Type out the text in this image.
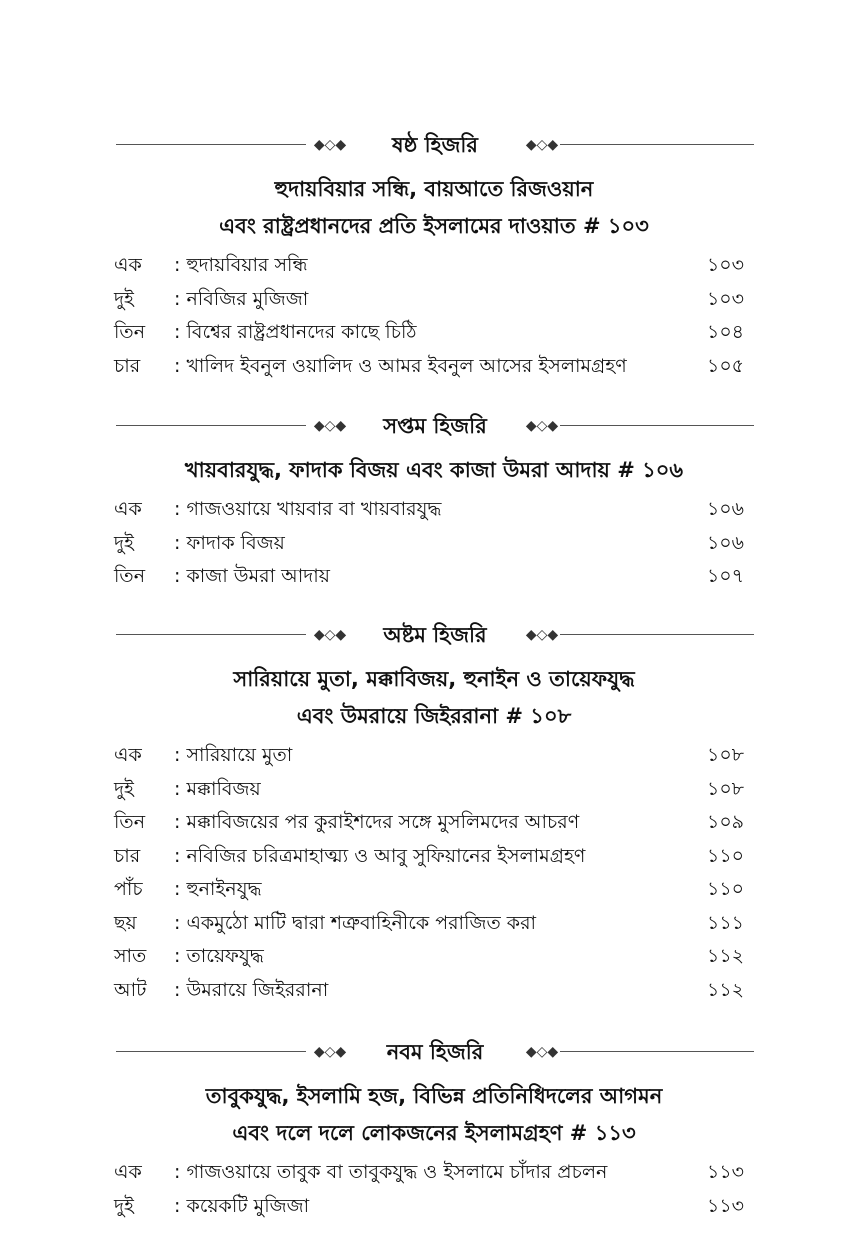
◆◇◆	ষষ্ঠ হিজরি	◆◇◆
হুদায়বিয়ার সন্ধি, বায়আতে রিজওয়ান
এবং রাষ্ট্রপ্রধানদের প্রতি ইসলামের দাওয়াত # ১০৩
এক : হুদায়বিয়ার সন্ধি	১০৩
দুই : নবিজির মুজিজা	১০৩
তিন : বিশ্বের রাষ্ট্রপ্রধানদের কাছে চিঠি	১০৪
চার : খালিদ ইবনুল ওয়ালিদ ও আমর ইবনুল আসের ইসলামগ্রহণ	১০৫
◆◇◆	সপ্তম হিজরি	◆◇◆
খায়বারযুদ্ধ, ফাদাক বিজয় এবং কাজা উমরা আদায় # ১০৬
এক : গাজওয়ায়ে খায়বার বা খায়বারযুদ্ধ	১০৬
দুই : ফাদাক বিজয়	১০৬
তিন : কাজা উমরা আদায়	১০৭
◆◇◆	অষ্টম হিজরি	◆◇◆
সারিয়ায়ে মুতা, মক্কাবিজয়, হুনাইন ও তায়েফযুদ্ধ
এবং উমরায়ে জিইররানা # ১০৮
এক : সারিয়ায়ে মুতা	১০৮
দুই : মক্কাবিজয়	১০৮
তিন : মক্কাবিজয়ের পর কুরাইশদের সঙ্গে মুসলিমদের আচরণ	১০৯
চার : নবিজির চরিত্রমাহাত্ম্য ও আবু সুফিয়ানের ইসলামগ্রহণ	১১০
পাঁচ : হুনাইনযুদ্ধ	১১০
ছয় : একমুঠো মাটি দ্বারা শত্রুবাহিনীকে পরাজিত করা	১১১
সাত : তায়েফযুদ্ধ	১১২
আট : উমরায়ে জিইররানা	১১২
◆◇◆	নবম হিজরি	◆◇◆
তাবুকযুদ্ধ, ইসলামি হজ, বিভিন্ন প্রতিনিধিদলের আগমন
এবং দলে দলে লোকজনের ইসলামগ্রহণ # ১১৩
এক : গাজওয়ায়ে তাবুক বা তাবুকযুদ্ধ ও ইসলামে চাঁদার প্রচলন	১১৩
দুই : কয়েকটি মুজিজা	১১৩
